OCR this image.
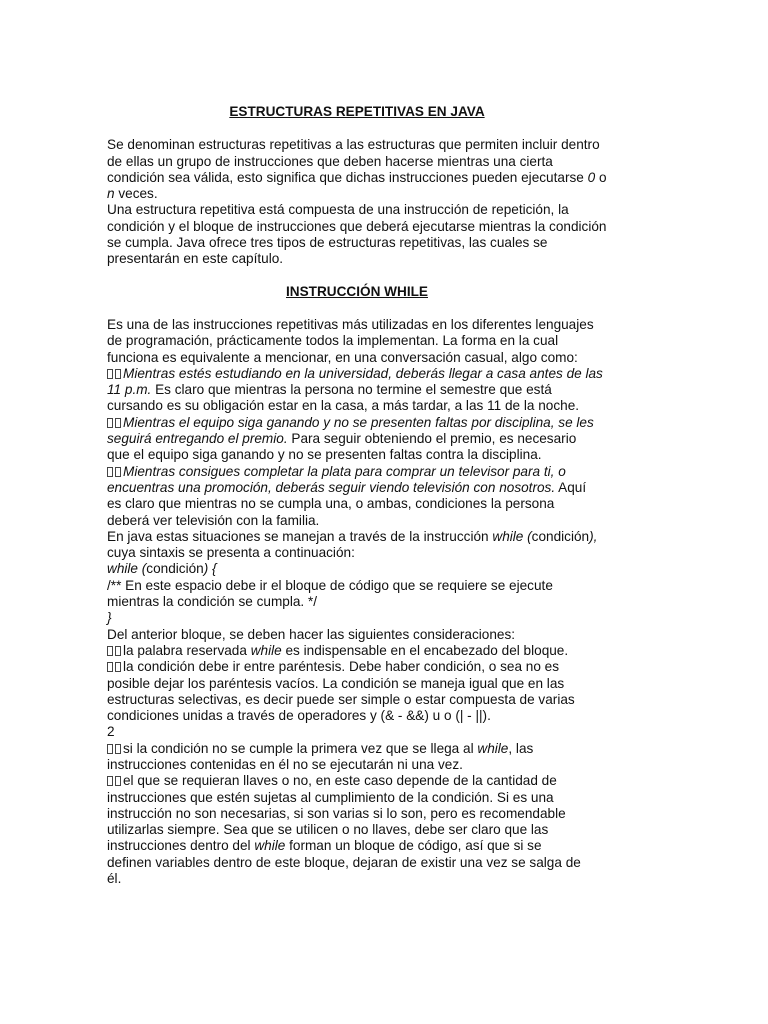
ESTRUCTURAS REPETITIVAS EN JAVA

Se denominan estructuras repetitivas a las estructuras que permiten incluir dentro
de ellas un grupo de instrucciones que deben hacerse mientras una cierta
condición sea válida, esto significa que dichas instrucciones pueden ejecutarse 0 o
n veces.
Una estructura repetitiva está compuesta de una instrucción de repetición, la
condición y el bloque de instrucciones que deberá ejecutarse mientras la condición
se cumpla. Java ofrece tres tipos de estructuras repetitivas, las cuales se
presentarán en este capítulo.

INSTRUCCIÓN WHILE

Es una de las instrucciones repetitivas más utilizadas en los diferentes lenguajes
de programación, prácticamente todos la implementan. La forma en la cual
funciona es equivalente a mencionar, en una conversación casual, algo como:
Mientras estés estudiando en la universidad, deberás llegar a casa antes de las
11 p.m. Es claro que mientras la persona no termine el semestre que está
cursando es su obligación estar en la casa, a más tardar, a las 11 de la noche.
Mientras el equipo siga ganando y no se presenten faltas por disciplina, se les
seguirá entregando el premio. Para seguir obteniendo el premio, es necesario
que el equipo siga ganando y no se presenten faltas contra la disciplina.
Mientras consigues completar la plata para comprar un televisor para ti, o
encuentras una promoción, deberás seguir viendo televisión con nosotros. Aquí
es claro que mientras no se cumpla una, o ambas, condiciones la persona
deberá ver televisión con la familia.
En java estas situaciones se manejan a través de la instrucción while (condición),
cuya sintaxis se presenta a continuación:
while (condición) {
/** En este espacio debe ir el bloque de código que se requiere se ejecute
mientras la condición se cumpla. */
}
Del anterior bloque, se deben hacer las siguientes consideraciones:
la palabra reservada while es indispensable en el encabezado del bloque.
la condición debe ir entre paréntesis. Debe haber condición, o sea no es
posible dejar los paréntesis vacíos. La condición se maneja igual que en las
estructuras selectivas, es decir puede ser simple o estar compuesta de varias
condiciones unidas a través de operadores y (& - &&) u o (| - ||).
2
si la condición no se cumple la primera vez que se llega al while, las
instrucciones contenidas en él no se ejecutarán ni una vez.
el que se requieran llaves o no, en este caso depende de la cantidad de
instrucciones que estén sujetas al cumplimiento de la condición. Si es una
instrucción no son necesarias, si son varias si lo son, pero es recomendable
utilizarlas siempre. Sea que se utilicen o no llaves, debe ser claro que las
instrucciones dentro del while forman un bloque de código, así que si se
definen variables dentro de este bloque, dejaran de existir una vez se salga de
él.
